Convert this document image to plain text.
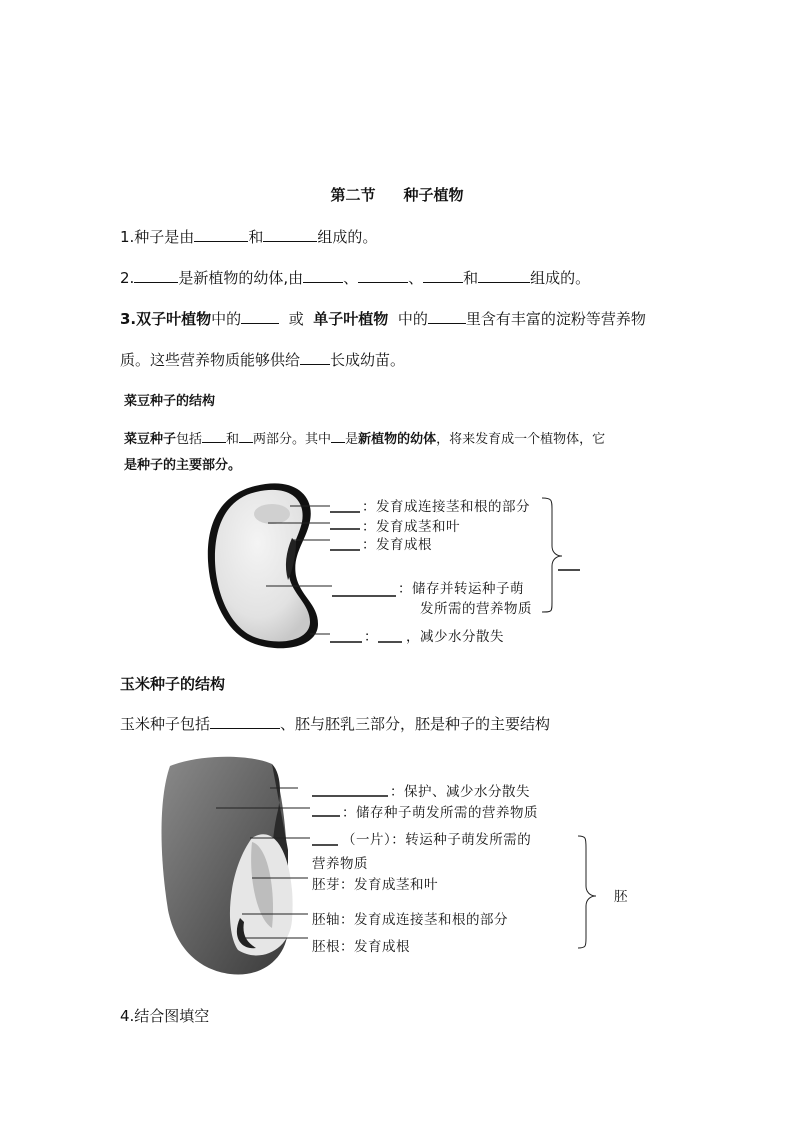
第二节 种子植物
1.种子是由	和	组成的。
2.	是新植物的幼体,由	、	、	和	组成的。
3.双子叶植物中的	或 单子叶植物 中的	里含有丰富的淀粉等营养物
质。这些营养物质能够供给 长成幼苗。
菜豆种子的结构
菜豆种子包括 和 两部分。其中 是新植物的幼体，将来发育成一个植物体，它
是种子的主要部分。
：发育成连接茎和根的部分
：发育成茎和叶
：发育成根
：储存并转运种子萌
发所需的营养物质
： ，减少水分散失
玉米种子的结构
玉米种子包括	、胚与胚乳三部分，胚是种子的主要结构
：保护、减少水分散失
：储存种子萌发所需的营养物质
（一片）：转运种子萌发所需的
营养物质
胚芽：发育成茎和叶
胚轴：发育成连接茎和根的部分
胚根：发育成根
胚
4.结合图填空
